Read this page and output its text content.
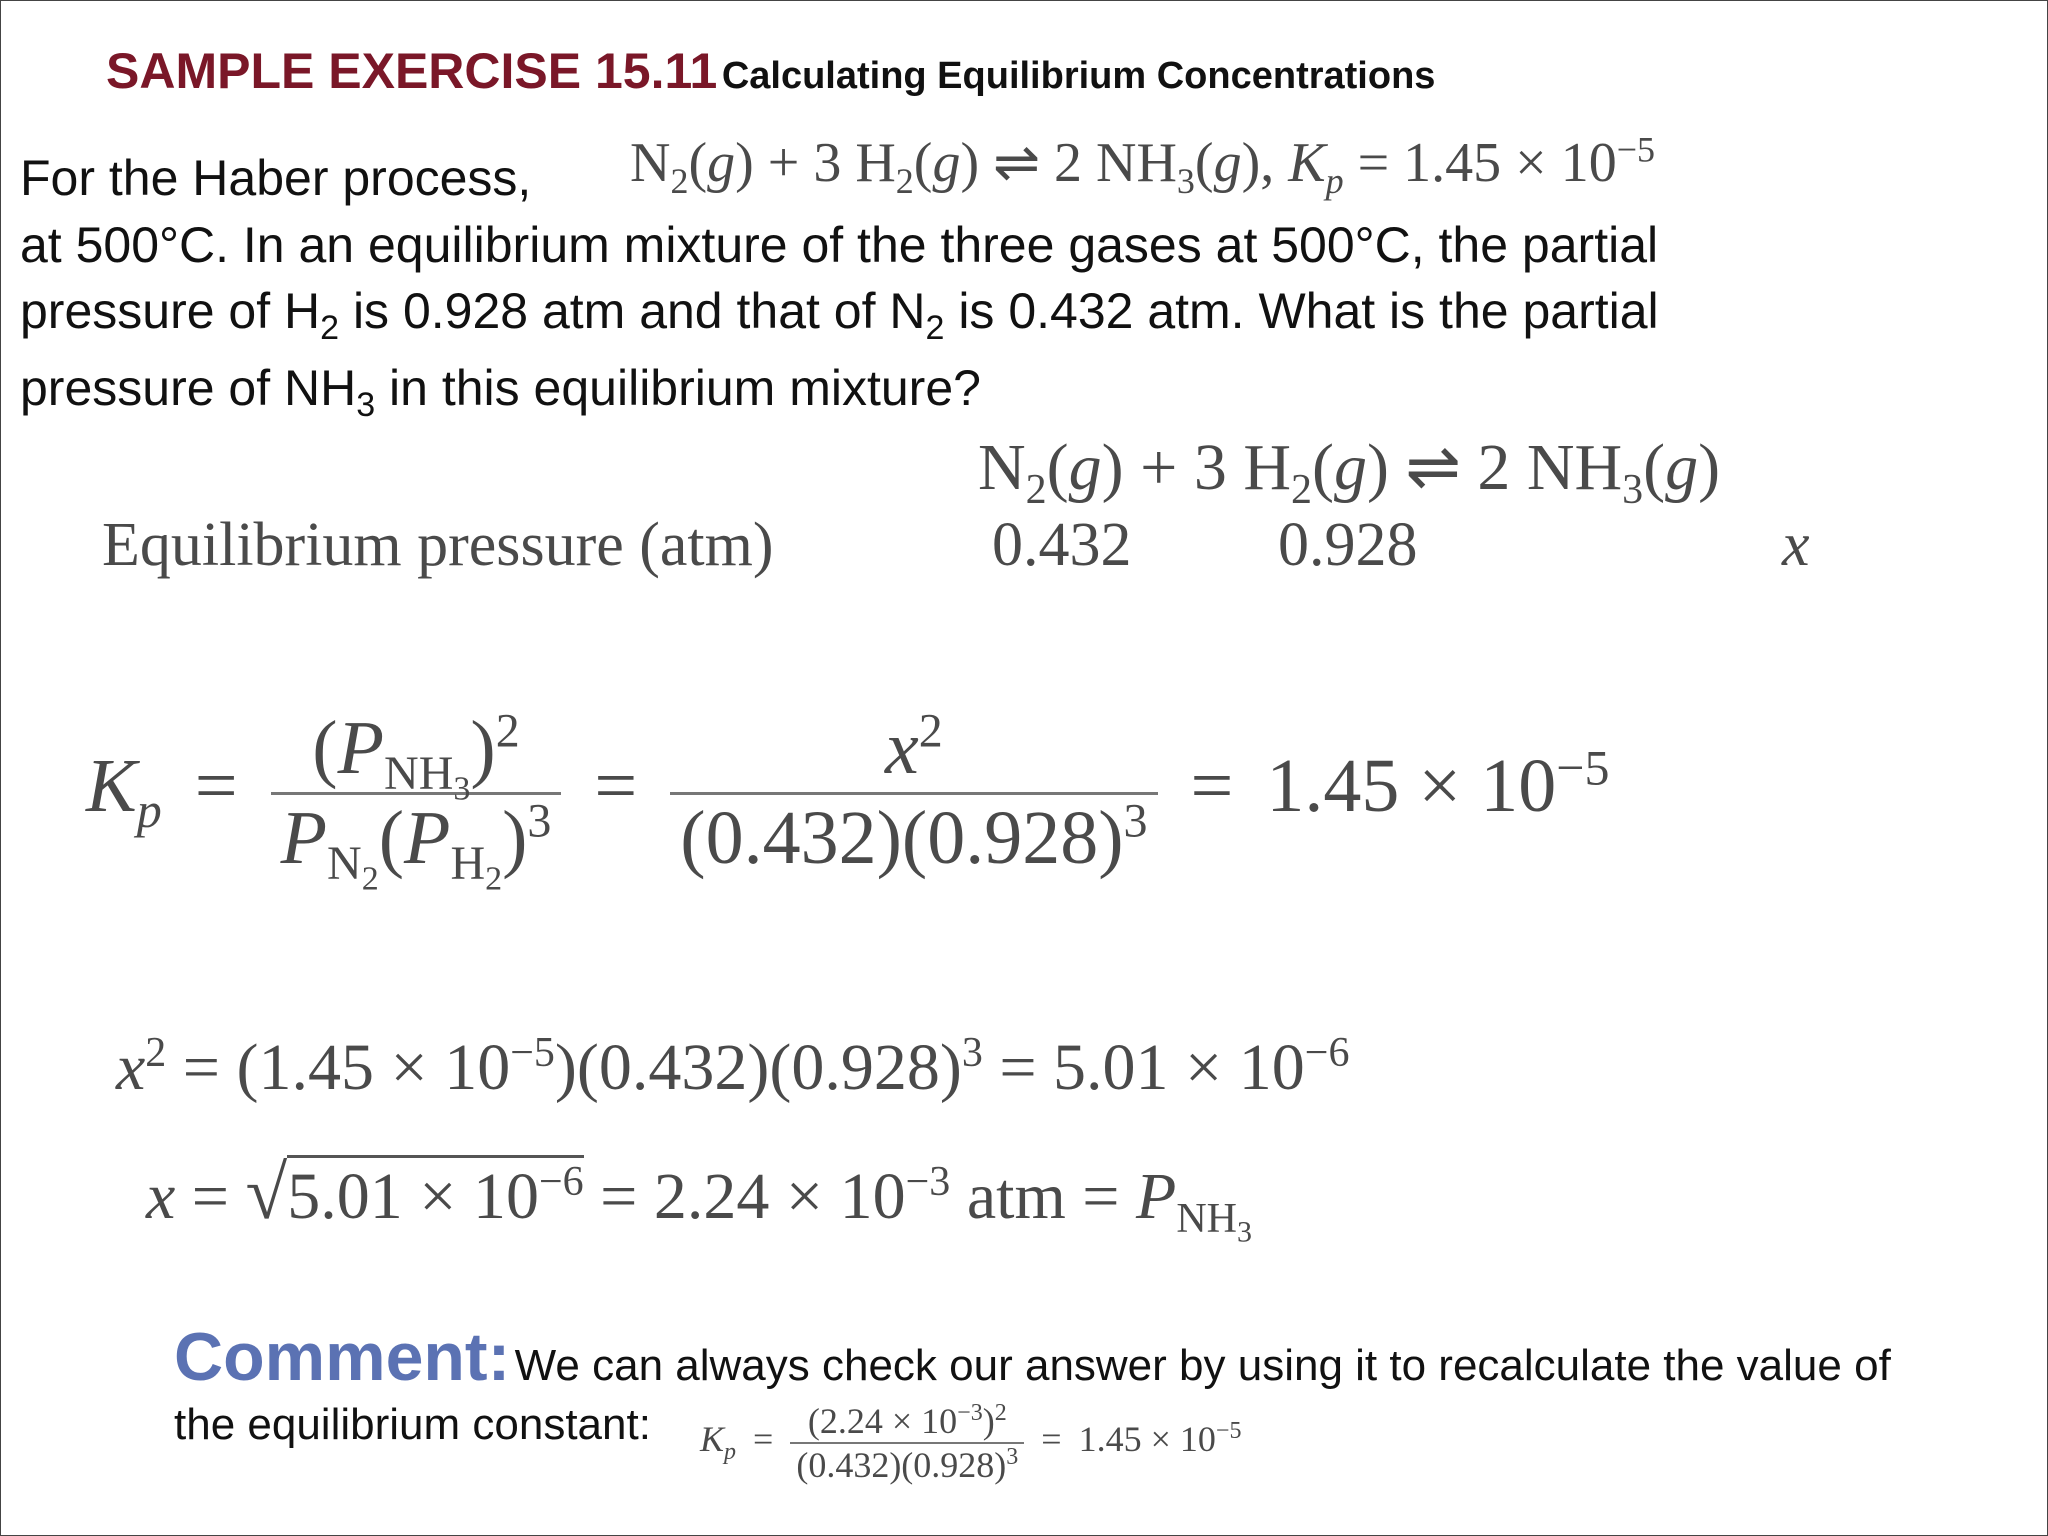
SAMPLE EXERCISE 15.11 Calculating Equilibrium Concentrations
For the Haber process, $N_2(g) + 3$ $H_2(g)$ ⇌ 2 $NH_3(g)$, $K_p = 1.45 \times 10^{-5}$
at 500°C. In an equilibrium mixture of the three gases at 500°C, the partial
pressure of $H_2$ is 0.928 atm and that of $N_2$ is 0.432 atm. What is the partial
pressure of $NH_3$ in this equilibrium mixture?
$N_2(g) + 3$ $H_2(g)$ ⇌ 2 $NH_3(g)$
Equilibrium pressure (atm)	0.432 0.928	x
$K_p = \frac{(P_{NH_3})^2}{P_{N_2}(P_{H_2})^3} = \frac{x^2}{(0.432)(0.928)^3} = 1.45 \times 10^{-5}$
$x^2 = (1.45 \times 10^{-5})(0.432)(0.928)^3 = 5.01 \times 10^{-6}$
$x = √5.01 \times 10^{-6} = 2.24 \times 10^{-3}$ atm = $P_{NH_3}$
Comment: We can always check our answer by using it to recalculate the value of
the equilibrium constant: $K_p = \frac{(2.24 \times 10^{-3})^2}{(0.432)(0.928)^3} = 1.45 \times 10^{-5}$
